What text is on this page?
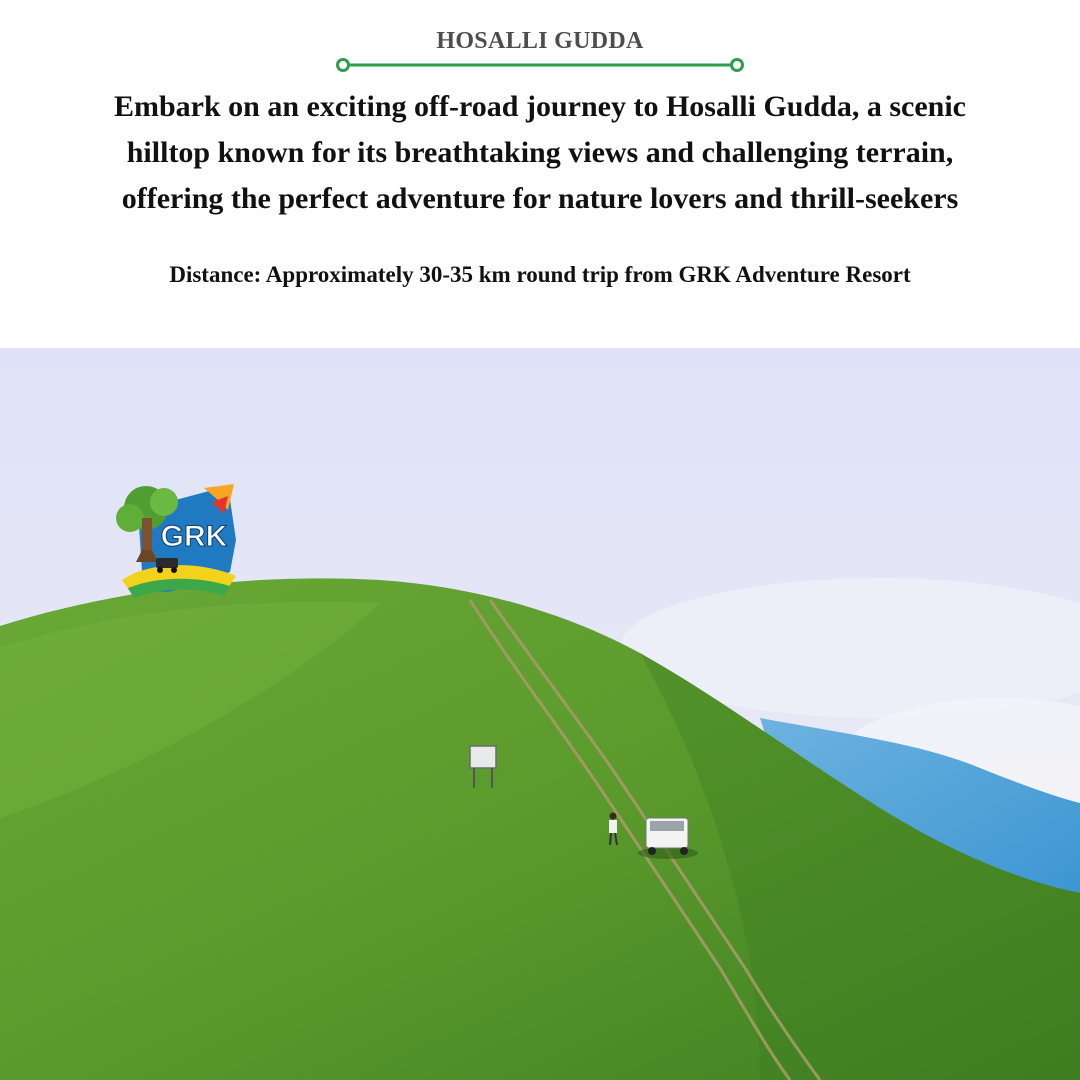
HOSALLI GUDDA
Embark on an exciting off-road journey to Hosalli Gudda, a scenic hilltop known for its breathtaking views and challenging terrain, offering the perfect adventure for nature lovers and thrill-seekers
Distance: Approximately 30-35 km round trip from GRK Adventure Resort
GRK
